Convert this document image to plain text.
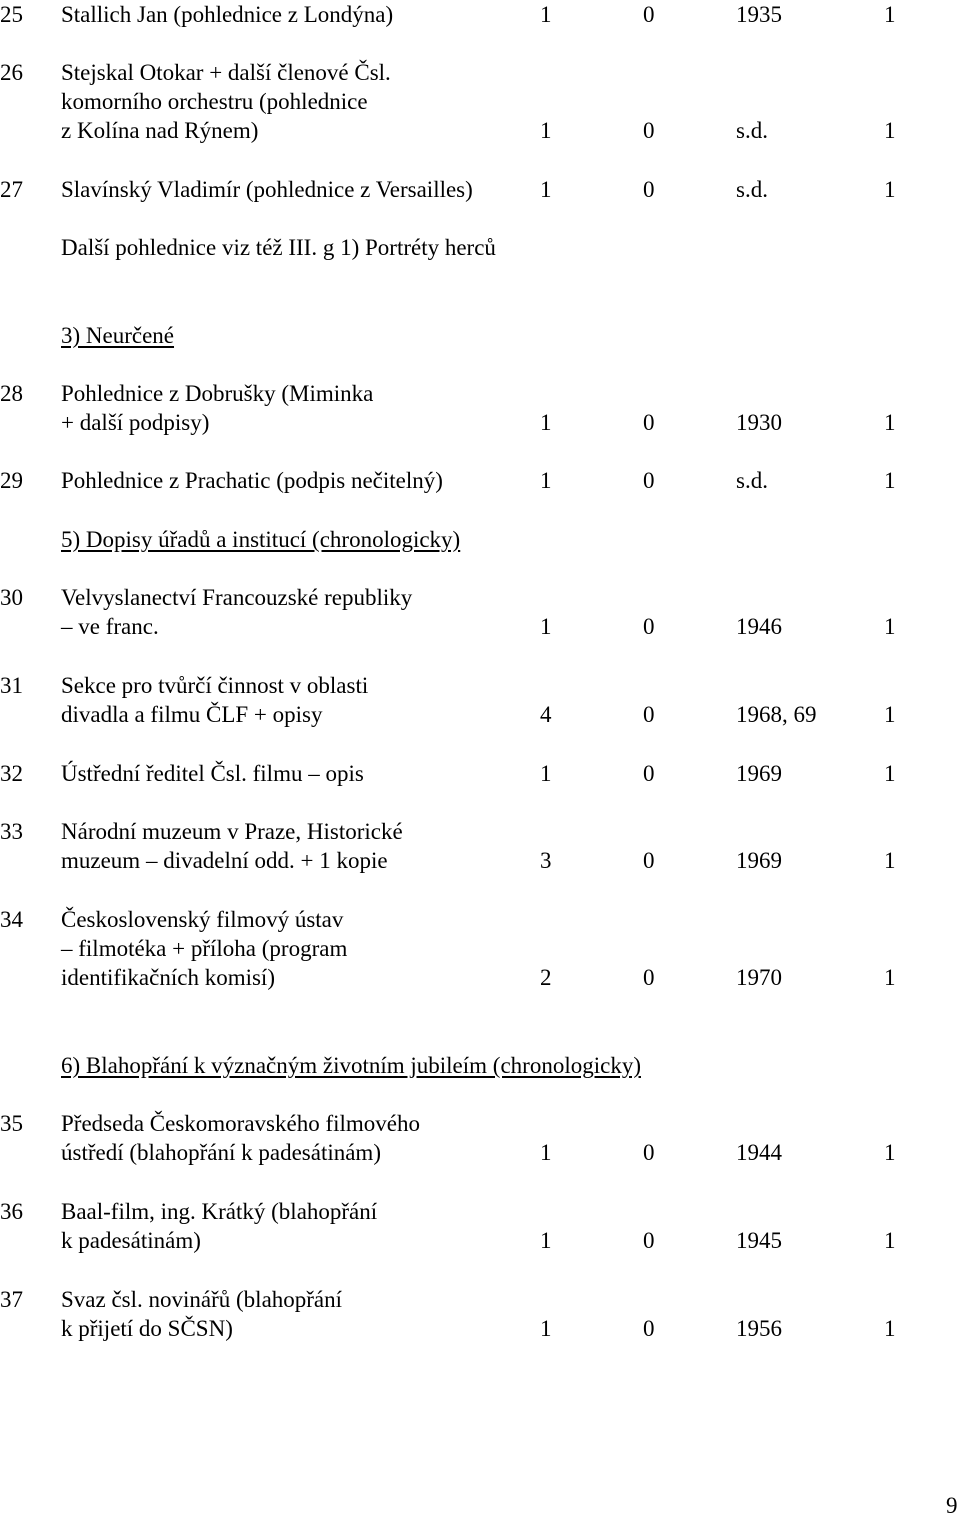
25 Stallich Jan (pohlednice z Londýna)	1	0	1935	1
26 Stejskal Otokar + další členové Čsl.
komorního orchestru (pohlednice
z Kolína nad Rýnem)	1	0	s.d.	1
27 Slavínský Vladimír (pohlednice z Versailles)	1	0	s.d.	1
Další pohlednice viz též III. g 1) Portréty herců
3) Neurčené
28 Pohlednice z Dobrušky (Miminka
+ další podpisy)	1	0	1930	1
29 Pohlednice z Prachatic (podpis nečitelný)	1	0	s.d.	1
5) Dopisy úřadů a institucí (chronologicky)
30 Velvyslanectví Francouzské republiky
– ve franc.	1	0	1946	1
31 Sekce pro tvůrčí činnost v oblasti
divadla a filmu ČLF + opisy	4	0	1968, 69	1
32 Ústřední ředitel Čsl. filmu – opis	1	0	1969	1
33 Národní muzeum v Praze, Historické
muzeum – divadelní odd. + 1 kopie	3	0	1969	1
34 Československý filmový ústav
– filmotéka + příloha (program
identifikačních komisí)	2	0	1970	1
6) Blahopřání k význačným životním jubileím (chronologicky)
35 Předseda Českomoravského filmového
ústředí (blahopřání k padesátinám)	1	0	1944	1
36 Baal-film, ing. Krátký (blahopřání
k padesátinám)	1	0	1945	1
37 Svaz čsl. novinářů (blahopřání
k přijetí do SČSN)	1	0	1956	1
9
